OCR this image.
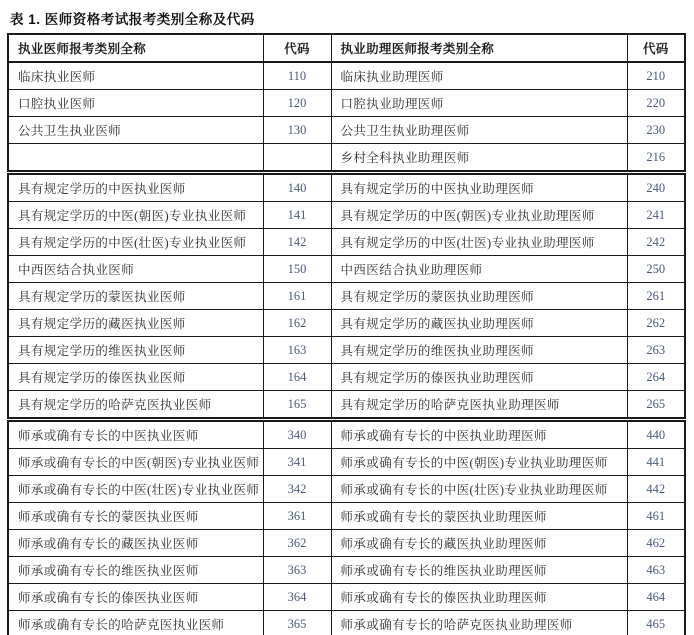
表 1. 医师资格考试报考类别全称及代码
执业医师报考类别全称	代码	执业助理医师报考类别全称	代码
临床执业医师	110	临床执业助理医师	210
口腔执业医师	120	口腔执业助理医师	220
公共卫生执业医师	130	公共卫生执业助理医师	230
		乡村全科执业助理医师	216
具有规定学历的中医执业医师	140	具有规定学历的中医执业助理医师	240
具有规定学历的中医(朝医)专业执业医师	141	具有规定学历的中医(朝医)专业执业助理医师	241
具有规定学历的中医(壮医)专业执业医师	142	具有规定学历的中医(壮医)专业执业助理医师	242
中西医结合执业医师	150	中西医结合执业助理医师	250
具有规定学历的蒙医执业医师	161	具有规定学历的蒙医执业助理医师	261
具有规定学历的藏医执业医师	162	具有规定学历的藏医执业助理医师	262
具有规定学历的维医执业医师	163	具有规定学历的维医执业助理医师	263
具有规定学历的傣医执业医师	164	具有规定学历的傣医执业助理医师	264
具有规定学历的哈萨克医执业医师	165	具有规定学历的哈萨克医执业助理医师	265
师承或确有专长的中医执业医师	340	师承或确有专长的中医执业助理医师	440
师承或确有专长的中医(朝医)专业执业医师	341	师承或确有专长的中医(朝医)专业执业助理医师	441
师承或确有专长的中医(壮医)专业执业医师	342	师承或确有专长的中医(壮医)专业执业助理医师	442
师承或确有专长的蒙医执业医师	361	师承或确有专长的蒙医执业助理医师	461
师承或确有专长的藏医执业医师	362	师承或确有专长的藏医执业助理医师	462
师承或确有专长的维医执业医师	363	师承或确有专长的维医执业助理医师	463
师承或确有专长的傣医执业医师	364	师承或确有专长的傣医执业助理医师	464
师承或确有专长的哈萨克医执业医师	365	师承或确有专长的哈萨克医执业助理医师	465
